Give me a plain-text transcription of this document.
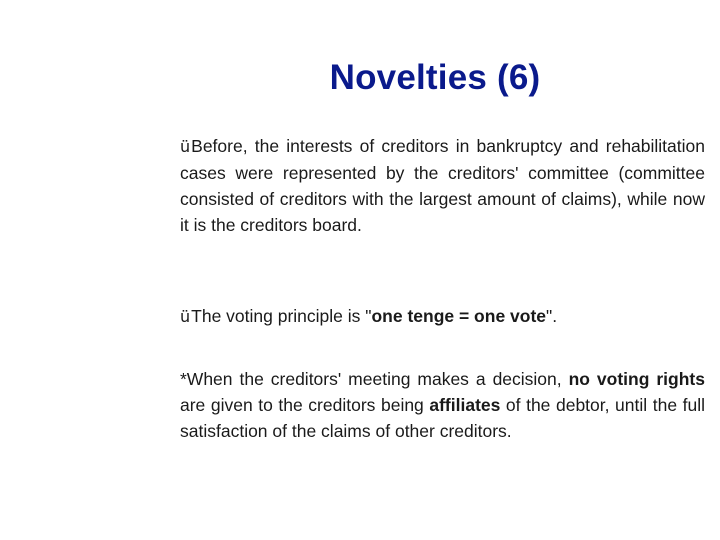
Novelties (6)
üBefore, the interests of creditors in bankruptcy and rehabilitation cases were represented by the creditors' committee (committee consisted of creditors with the largest amount of claims), while now it is the creditors board.
üThe voting principle is "one tenge = one vote".
*When the creditors' meeting makes a decision, no voting rights are given to the creditors being affiliates of the debtor, until the full satisfaction of the claims of other creditors.
